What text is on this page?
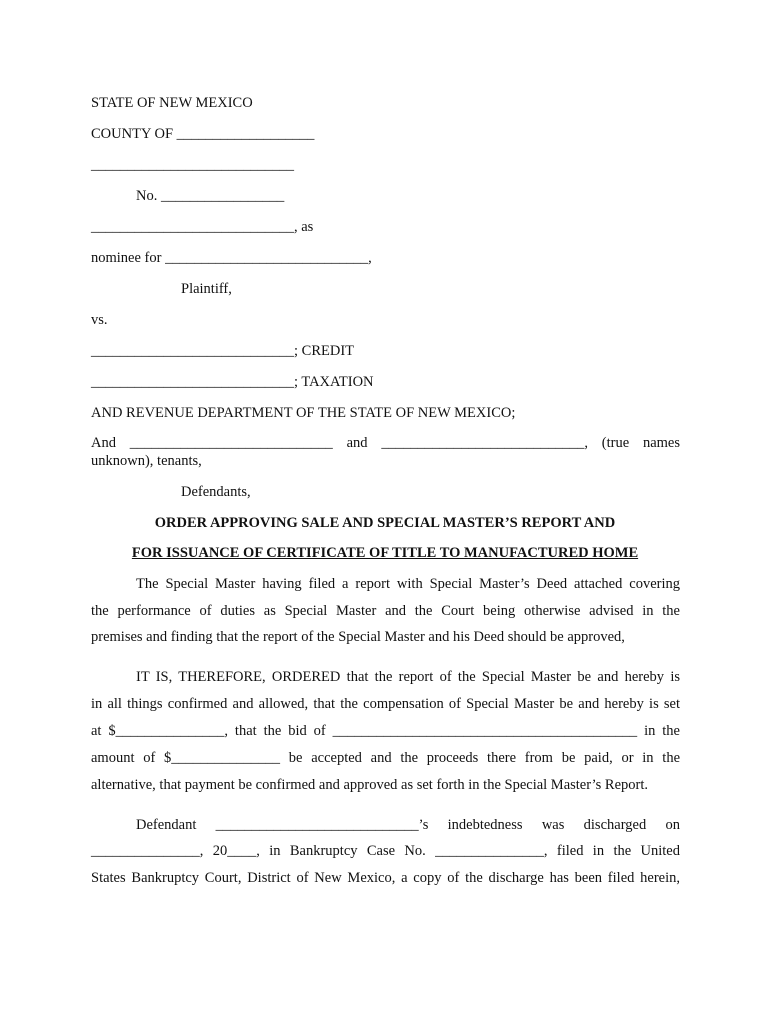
STATE OF NEW MEXICO
COUNTY OF ___________________
____________________________
No. _________________
____________________________, as
nominee for ____________________________,
Plaintiff,
vs.
____________________________; CREDIT
____________________________; TAXATION
AND REVENUE DEPARTMENT OF THE STATE OF NEW MEXICO;
And ____________________________ and ____________________________, (true names
unknown), tenants,
Defendants,
ORDER APPROVING SALE AND SPECIAL MASTER’S REPORT AND
FOR ISSUANCE OF CERTIFICATE OF TITLE TO MANUFACTURED HOME
The Special Master having filed a report with Special Master’s Deed attached covering
the performance of duties as Special Master and the Court being otherwise advised in the
premises and finding that the report of the Special Master and his Deed should be approved,
IT IS, THEREFORE, ORDERED that the report of the Special Master be and hereby is
in all things confirmed and allowed, that the compensation of Special Master be and hereby is set
at $_______________, that the bid of __________________________________________ in the
amount of $_______________ be accepted and the proceeds there from be paid, or in the
alternative, that payment be confirmed and approved as set forth in the Special Master’s Report.
Defendant ____________________________’s indebtedness was discharged on
_______________, 20____, in Bankruptcy Case No. _______________, filed in the United
States Bankruptcy Court, District of New Mexico, a copy of the discharge has been filed herein,
